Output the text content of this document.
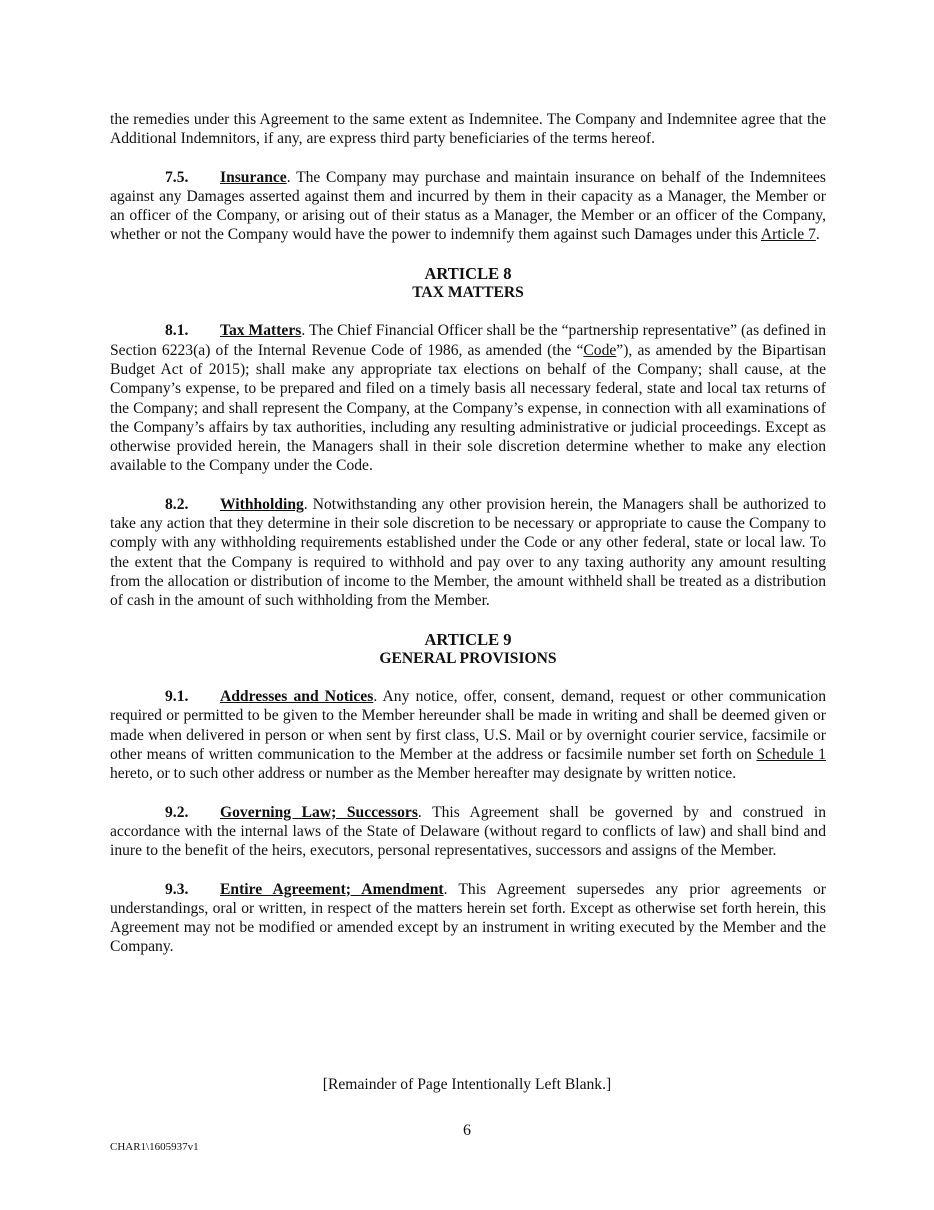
the remedies under this Agreement to the same extent as Indemnitee. The Company and Indemnitee agree that the Additional Indemnitors, if any, are express third party beneficiaries of the terms hereof.

7.5. Insurance. The Company may purchase and maintain insurance on behalf of the Indemnitees against any Damages asserted against them and incurred by them in their capacity as a Manager, the Member or an officer of the Company, or arising out of their status as a Manager, the Member or an officer of the Company, whether or not the Company would have the power to indemnify them against such Damages under this Article 7.

ARTICLE 8
TAX MATTERS

8.1. Tax Matters. The Chief Financial Officer shall be the “partnership representative” (as defined in Section 6223(a) of the Internal Revenue Code of 1986, as amended (the “Code”), as amended by the Bipartisan Budget Act of 2015); shall make any appropriate tax elections on behalf of the Company; shall cause, at the Company’s expense, to be prepared and filed on a timely basis all necessary federal, state and local tax returns of the Company; and shall represent the Company, at the Company’s expense, in connection with all examinations of the Company’s affairs by tax authorities, including any resulting administrative or judicial proceedings. Except as otherwise provided herein, the Managers shall in their sole discretion determine whether to make any election available to the Company under the Code.

8.2. Withholding. Notwithstanding any other provision herein, the Managers shall be authorized to take any action that they determine in their sole discretion to be necessary or appropriate to cause the Company to comply with any withholding requirements established under the Code or any other federal, state or local law. To the extent that the Company is required to withhold and pay over to any taxing authority any amount resulting from the allocation or distribution of income to the Member, the amount withheld shall be treated as a distribution of cash in the amount of such withholding from the Member.

ARTICLE 9
GENERAL PROVISIONS

9.1. Addresses and Notices. Any notice, offer, consent, demand, request or other communication required or permitted to be given to the Member hereunder shall be made in writing and shall be deemed given or made when delivered in person or when sent by first class, U.S. Mail or by overnight courier service, facsimile or other means of written communication to the Member at the address or facsimile number set forth on Schedule 1 hereto, or to such other address or number as the Member hereafter may designate by written notice.

9.2. Governing Law; Successors. This Agreement shall be governed by and construed in accordance with the internal laws of the State of Delaware (without regard to conflicts of law) and shall bind and inure to the benefit of the heirs, executors, personal representatives, successors and assigns of the Member.

9.3. Entire Agreement; Amendment. This Agreement supersedes any prior agreements or understandings, oral or written, in respect of the matters herein set forth. Except as otherwise set forth herein, this Agreement may not be modified or amended except by an instrument in writing executed by the Member and the Company.

[Remainder of Page Intentionally Left Blank.]
6
CHAR1\1605937v1
